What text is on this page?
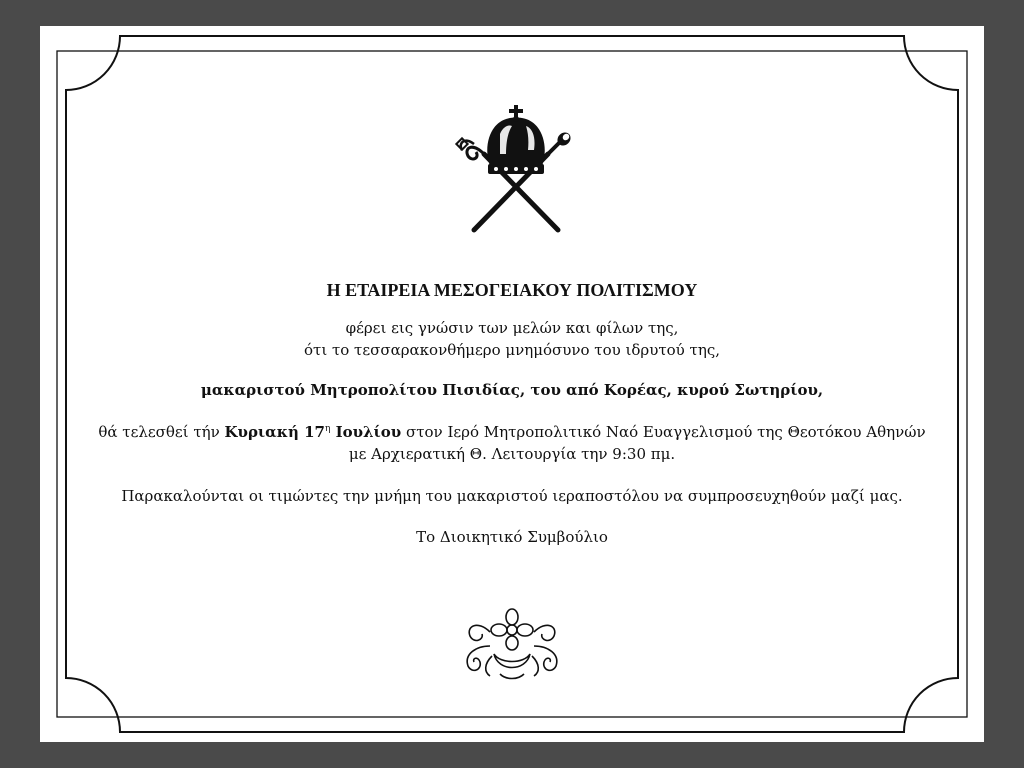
Η ΕΤΑΙΡΕΙΑ ΜΕΣΟΓΕΙΑΚΟΥ ΠΟΛΙΤΙΣΜΟΥ
φέρει εις γνώσιν των μελών και φίλων της,
ότι το τεσσαρακονθήμερο μνημόσυνο του ιδρυτού της,
μακαριστού Μητροπολίτου Πισιδίας, του από Κορέας, κυρού Σωτηρίου,
θά τελεσθεί τήν Κυριακή $17^\eta$ Ιουλίου στον Ιερό Μητροπολιτικό Ναό Ευαγγελισμού της Θεοτόκου Αθηνών
με Αρχιερατική Θ. Λειτουργία την 9:30 πμ.
Παρακαλούνται οι τιμώντες την μνήμη του μακαριστού ιεραποστόλου να συμπροσευχηθούν μαζί μας.
Το Διοικητικό Συμβούλιο
